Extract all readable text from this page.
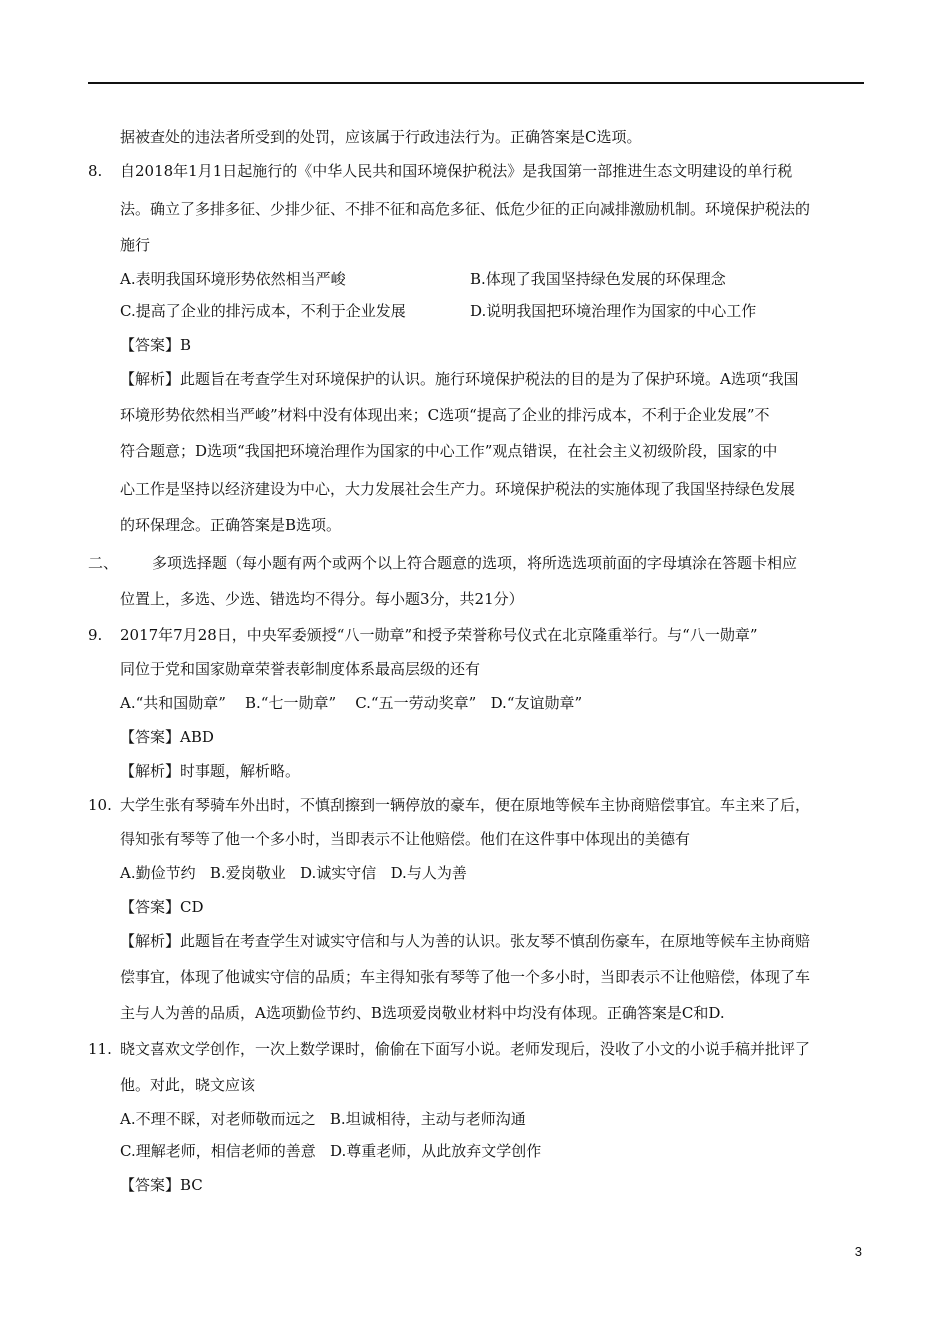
据被查处的违法者所受到的处罚，应该属于行政违法行为。正确答案是C选项。
8. 自2018年1月1日起施行的《中华人民共和国环境保护税法》是我国第一部推进生态文明建设的单行税
法。确立了多排多征、少排少征、不排不征和高危多征、低危少征的正向减排激励机制。环境保护税法的
施行
A.表明我国环境形势依然相当严峻	B.体现了我国坚持绿色发展的环保理念
C.提高了企业的排污成本，不利于企业发展	D.说明我国把环境治理作为国家的中心工作
【答案】B
【解析】此题旨在考查学生对环境保护的认识。施行环境保护税法的目的是为了保护环境。A选项“我国
环境形势依然相当严峻”材料中没有体现出来；C选项“提高了企业的排污成本，不利于企业发展”不
符合题意；D选项“我国把环境治理作为国家的中心工作”观点错误，在社会主义初级阶段，国家的中
心工作是坚持以经济建设为中心，大力发展社会生产力。环境保护税法的实施体现了我国坚持绿色发展
的环保理念。正确答案是B选项。
二、 多项选择题（每小题有两个或两个以上符合题意的选项，将所选选项前面的字母填涂在答题卡相应
位置上，多选、少选、错选均不得分。每小题3分，共21分）
9. 2017年7月28日，中央军委颁授“八一勋章”和授予荣誉称号仪式在北京隆重举行。与“八一勋章”
同位于党和国家勋章荣誉表彰制度体系最高层级的还有
A.“共和国勋章”    B.“七一勋章”    C.“五一劳动奖章”   D.“友谊勋章”
【答案】ABD
【解析】时事题，解析略。
10. 大学生张有琴骑车外出时，不慎刮擦到一辆停放的豪车，便在原地等候车主协商赔偿事宜。车主来了后，
得知张有琴等了他一个多小时，当即表示不让他赔偿。他们在这件事中体现出的美德有
A.勤俭节约   B.爱岗敬业   D.诚实守信   D.与人为善
【答案】CD
【解析】此题旨在考查学生对诚实守信和与人为善的认识。张友琴不慎刮伤豪车，在原地等候车主协商赔
偿事宜，体现了他诚实守信的品质；车主得知张有琴等了他一个多小时，当即表示不让他赔偿，体现了车
主与人为善的品质，A选项勤俭节约、B选项爱岗敬业材料中均没有体现。正确答案是C和D.
11. 晓文喜欢文学创作，一次上数学课时，偷偷在下面写小说。老师发现后，没收了小文的小说手稿并批评了
他。对此，晓文应该
A.不理不睬，对老师敬而远之   B.坦诚相待，主动与老师沟通
C.理解老师，相信老师的善意   D.尊重老师，从此放弃文学创作
【答案】BC
3
